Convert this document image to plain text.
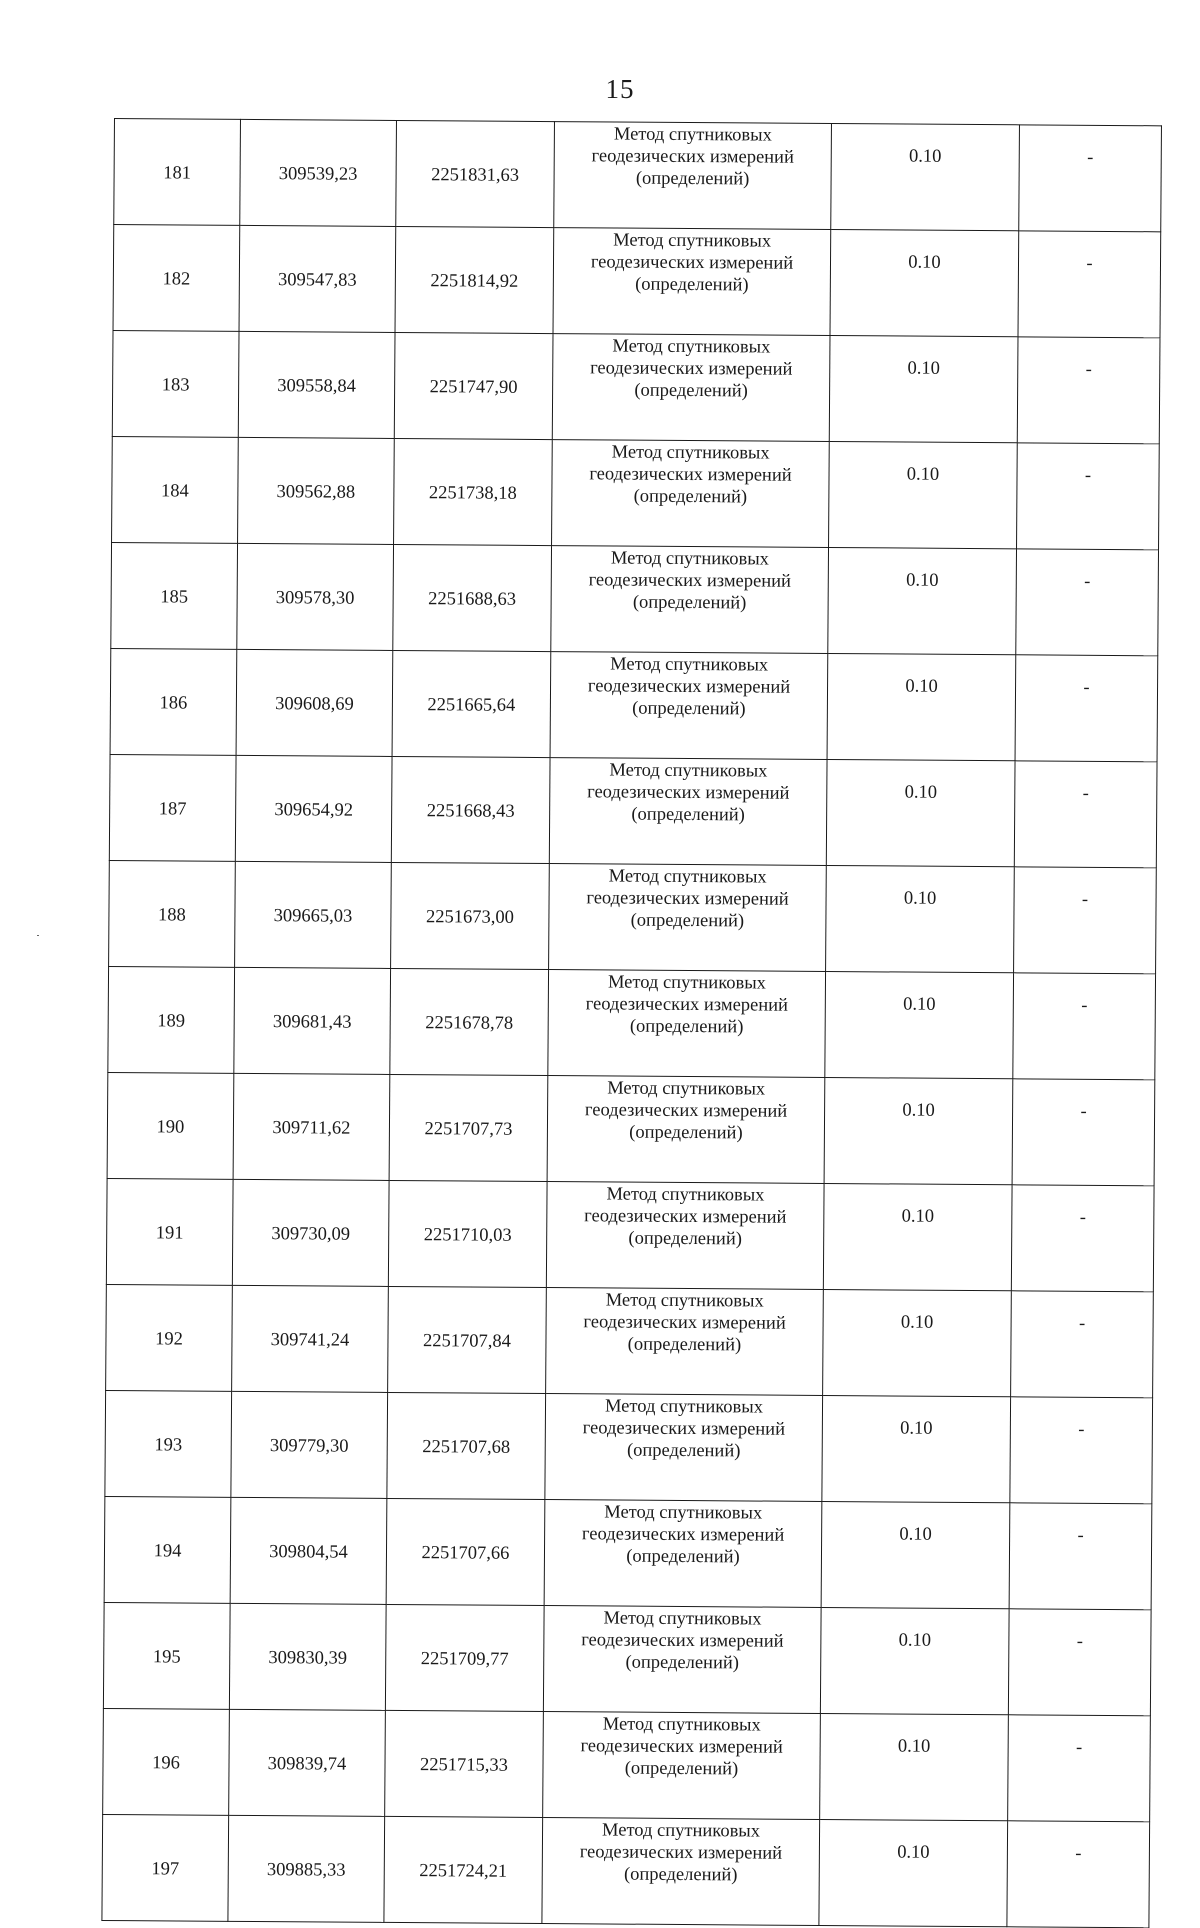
15
181	309539,23	2251831,63	Метод спутниковых
геодезических измерений
(определений)	0.10	-
182	309547,83	2251814,92	Метод спутниковых
геодезических измерений
(определений)	0.10	-
183	309558,84	2251747,90	Метод спутниковых
геодезических измерений
(определений)	0.10	-
184	309562,88	2251738,18	Метод спутниковых
геодезических измерений
(определений)	0.10	-
185	309578,30	2251688,63	Метод спутниковых
геодезических измерений
(определений)	0.10	-
186	309608,69	2251665,64	Метод спутниковых
геодезических измерений
(определений)	0.10	-
187	309654,92	2251668,43	Метод спутниковых
геодезических измерений
(определений)	0.10	-
188	309665,03	2251673,00	Метод спутниковых
геодезических измерений
(определений)	0.10	-
189	309681,43	2251678,78	Метод спутниковых
геодезических измерений
(определений)	0.10	-
190	309711,62	2251707,73	Метод спутниковых
геодезических измерений
(определений)	0.10	-
191	309730,09	2251710,03	Метод спутниковых
геодезических измерений
(определений)	0.10	-
192	309741,24	2251707,84	Метод спутниковых
геодезических измерений
(определений)	0.10	-
193	309779,30	2251707,68	Метод спутниковых
геодезических измерений
(определений)	0.10	-
194	309804,54	2251707,66	Метод спутниковых
геодезических измерений
(определений)	0.10	-
195	309830,39	2251709,77	Метод спутниковых
геодезических измерений
(определений)	0.10	-
196	309839,74	2251715,33	Метод спутниковых
геодезических измерений
(определений)	0.10	-
197	309885,33	2251724,21	Метод спутниковых
геодезических измерений
(определений)	0.10	-
